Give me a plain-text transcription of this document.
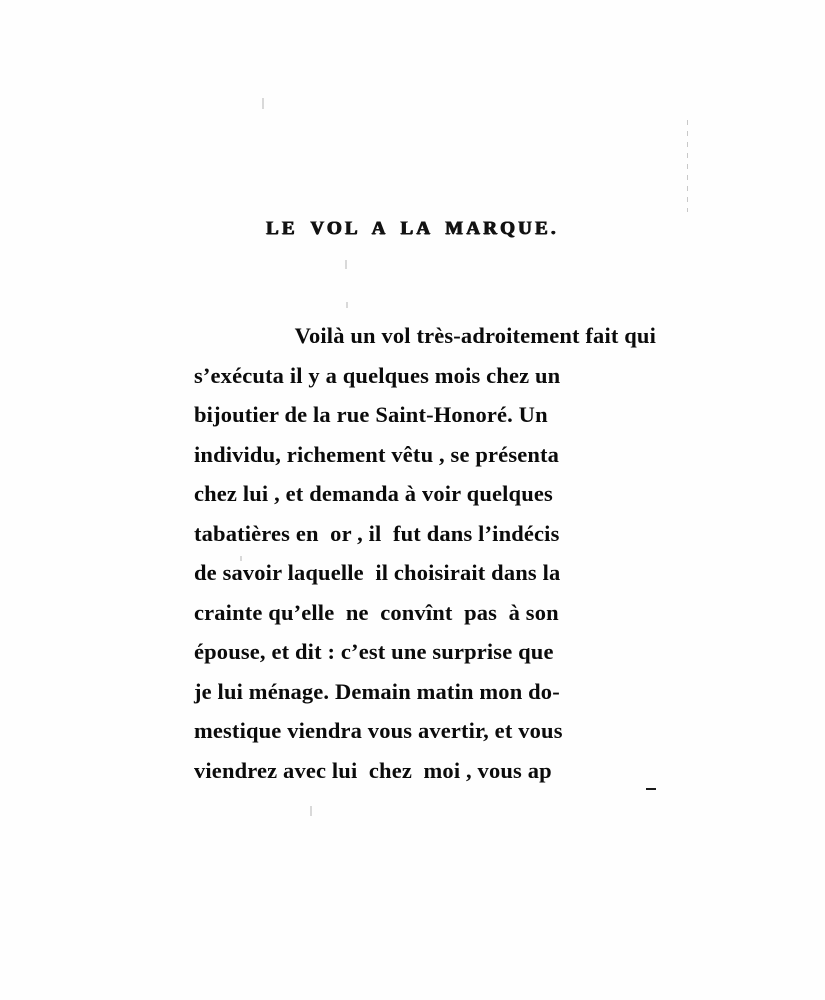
LE VOL A LA MARQUE.

Voilà un vol très-adroitement fait qui
s’exécuta il y a quelques mois chez un
bijoutier de la rue Saint-Honoré. Un
individu, richement vêtu , se présenta
chez lui , et demanda à voir quelques
tabatières en  or , il  fut dans l’indécis
de savoir laquelle  il choisirait dans la
crainte qu’elle  ne  convînt  pas  à son
épouse, et dit : c’est une surprise que
je lui ménage. Demain matin mon do-
mestique viendra vous avertir, et vous
viendrez avec lui  chez  moi , vous ap
